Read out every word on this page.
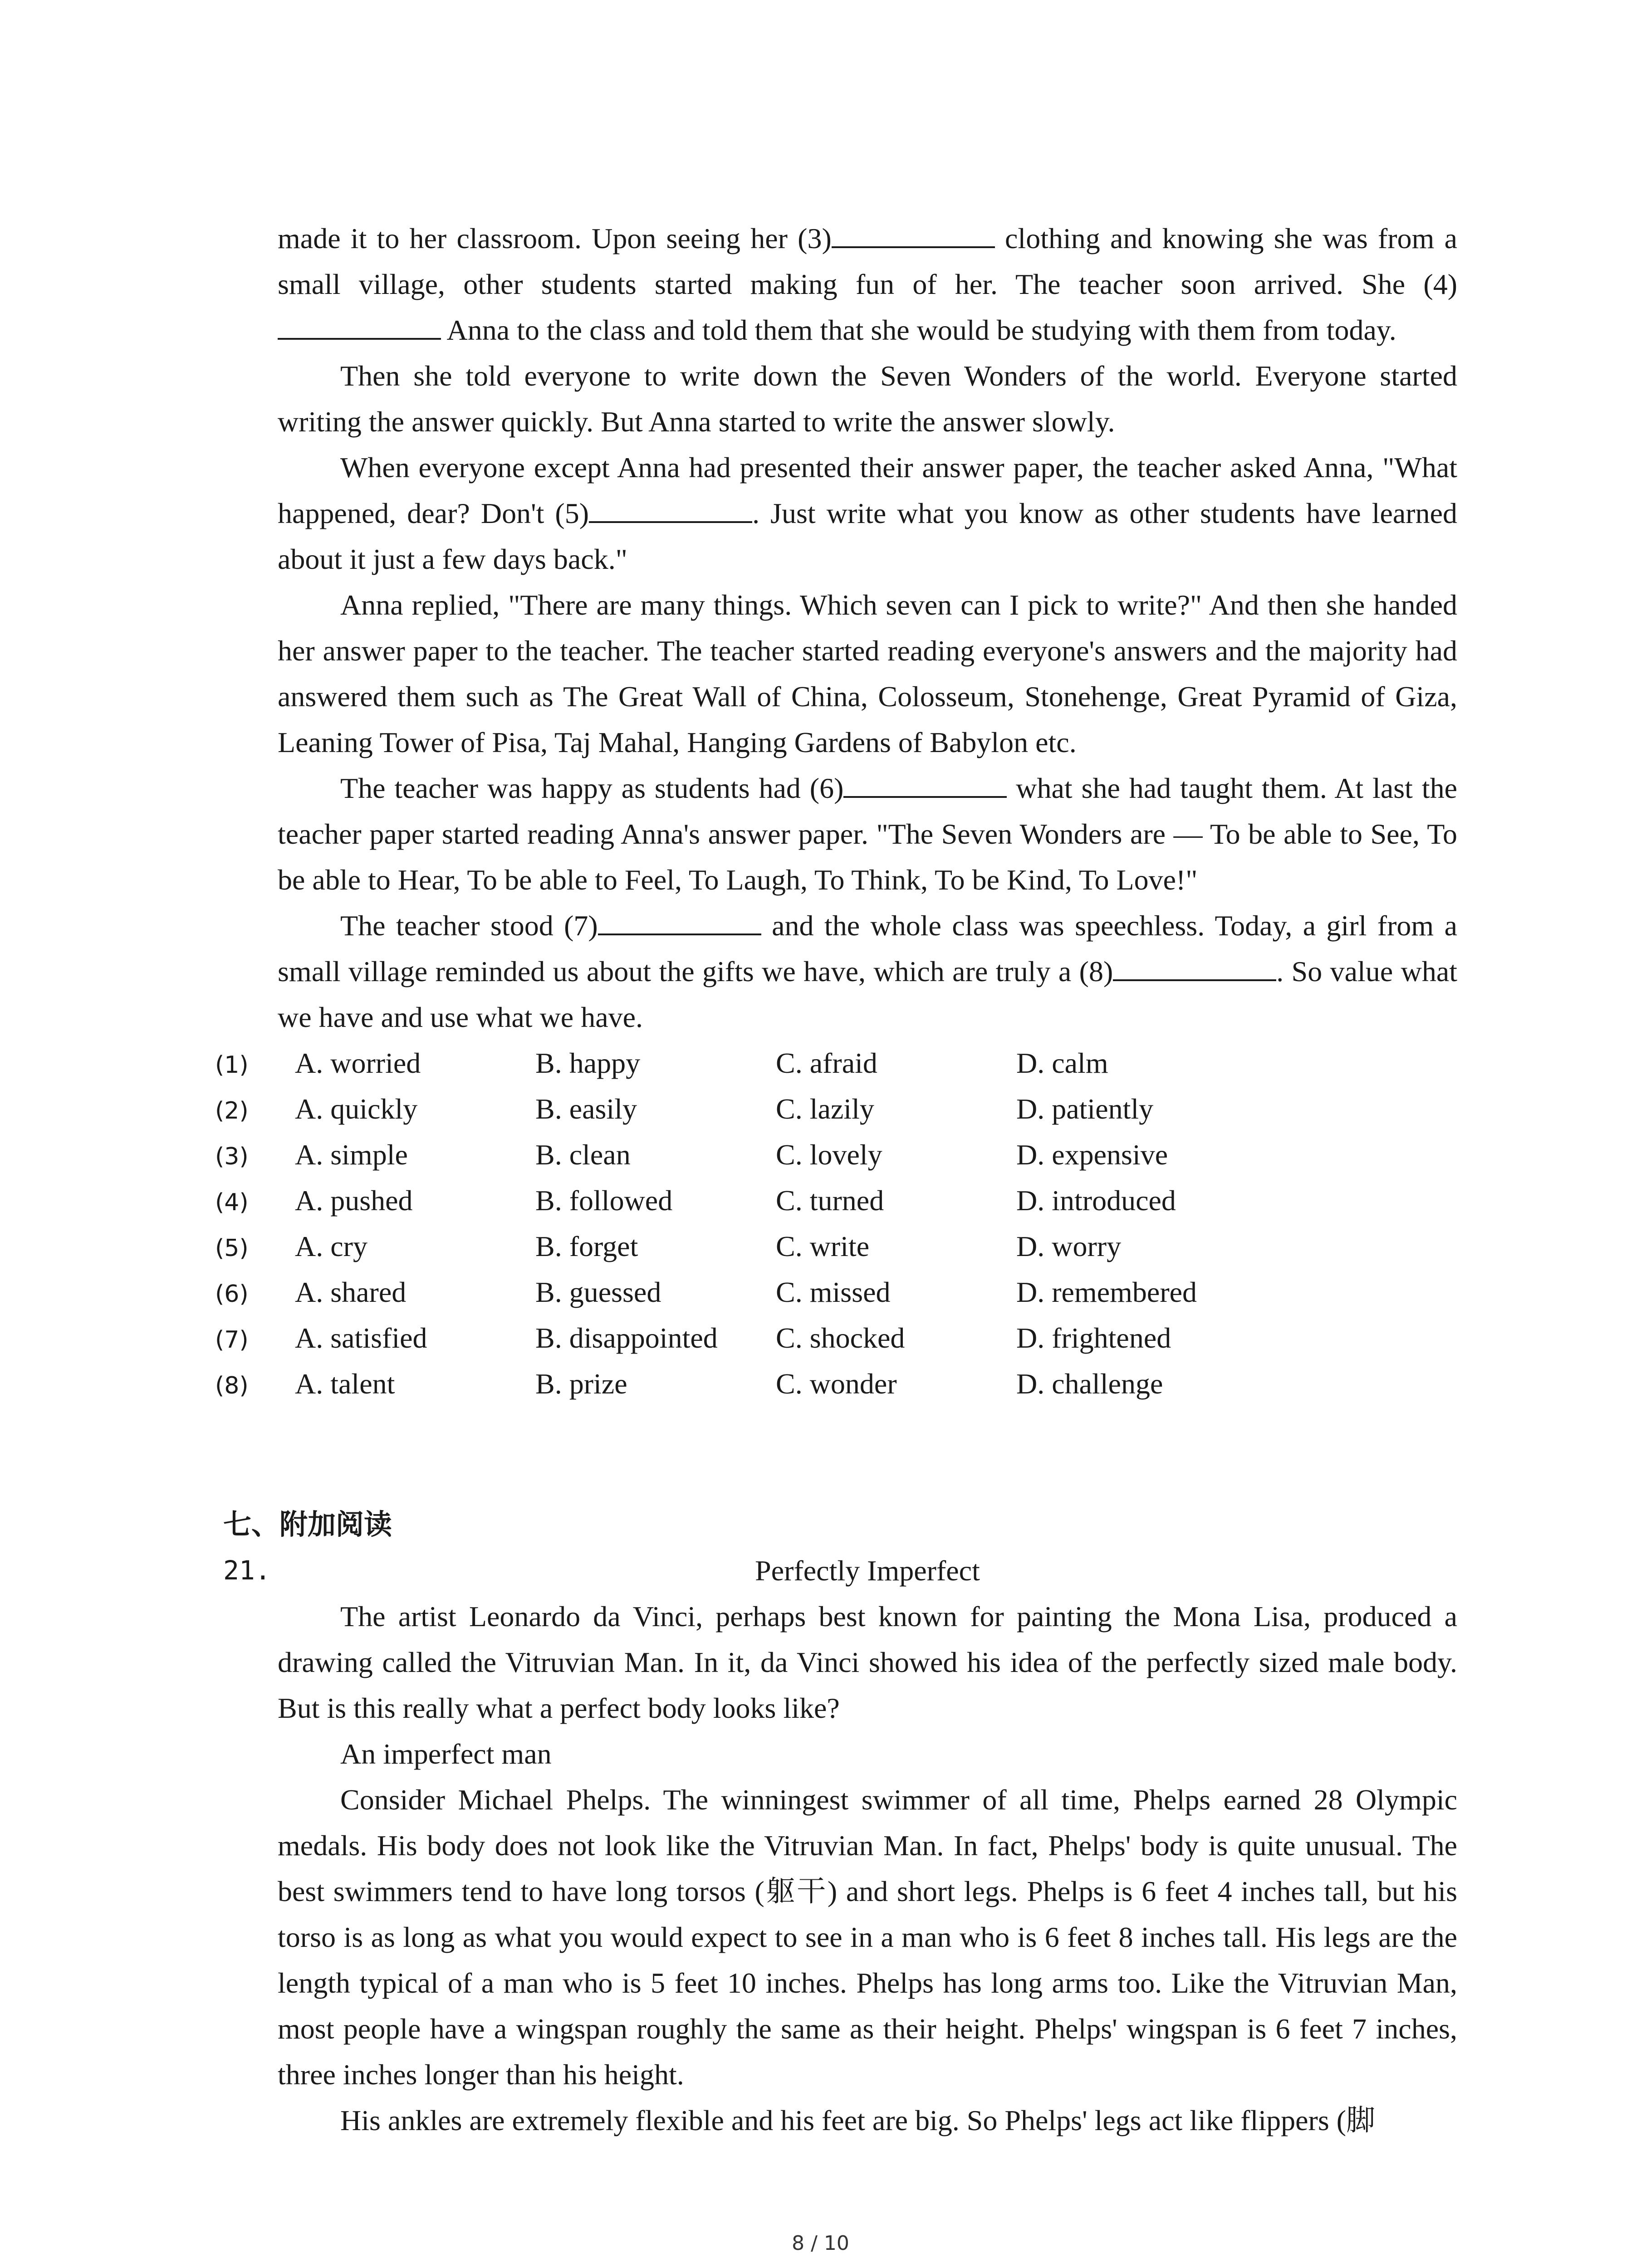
made it to her classroom. Upon seeing her (3)	clothing and knowing she was from a small village, other students started making fun of her. The teacher soon arrived. She (4) Anna to the class and told them that she would be studying with them from today.

Then she told everyone to write down the Seven Wonders of the world. Everyone started writing the answer quickly. But Anna started to write the answer slowly.

When everyone except Anna had presented their answer paper, the teacher asked Anna, "What happened, dear? Don't (5)	. Just write what you know as other students have learned about it just a few days back."

Anna replied, "There are many things. Which seven can I pick to write?" And then she handed her answer paper to the teacher. The teacher started reading everyone's answers and the majority had answered them such as The Great Wall of China, Colosseum, Stonehenge, Great Pyramid of Giza, Leaning Tower of Pisa, Taj Mahal, Hanging Gardens of Babylon etc.

The teacher was happy as students had (6)	what she had taught them. At last the teacher paper started reading Anna's answer paper. "The Seven Wonders are — To be able to See, To be able to Hear, To be able to Feel, To Laugh, To Think, To be Kind, To Love!"

The teacher stood (7)	and the whole class was speechless. Today, a girl from a small village reminded us about the gifts we have, which are truly a (8)	. So value what we have and use what we have.

(1)	A. worried	B. happy	C. afraid	D. calm
(2)	A. quickly	B. easily	C. lazily	D. patiently
(3)	A. simple	B. clean	C. lovely	D. expensive
(4)	A. pushed	B. followed	C. turned	D. introduced
(5)	A. cry	B. forget	C. write	D. worry
(6)	A. shared	B. guessed	C. missed	D. remembered
(7)	A. satisfied	B. disappointed	C. shocked	D. frightened
(8)	A. talent	B. prize	C. wonder	D. challenge
七、附加阅读
21.	Perfectly Imperfect

The artist Leonardo da Vinci, perhaps best known for painting the Mona Lisa, produced a drawing called the Vitruvian Man. In it, da Vinci showed his idea of the perfectly sized male body. But is this really what a perfect body looks like?

An imperfect man

Consider Michael Phelps. The winningest swimmer of all time, Phelps earned 28 Olympic medals. His body does not look like the Vitruvian Man. In fact, Phelps' body is quite unusual. The best swimmers tend to have long torsos (躯干) and short legs. Phelps is 6 feet 4 inches tall, but his torso is as long as what you would expect to see in a man who is 6 feet 8 inches tall. His legs are the length typical of a man who is 5 feet 10 inches. Phelps has long arms too. Like the Vitruvian Man, most people have a wingspan roughly the same as their height. Phelps' wingspan is 6 feet 7 inches, three inches longer than his height.

His ankles are extremely flexible and his feet are big. So Phelps' legs act like flippers (脚

8 / 10
